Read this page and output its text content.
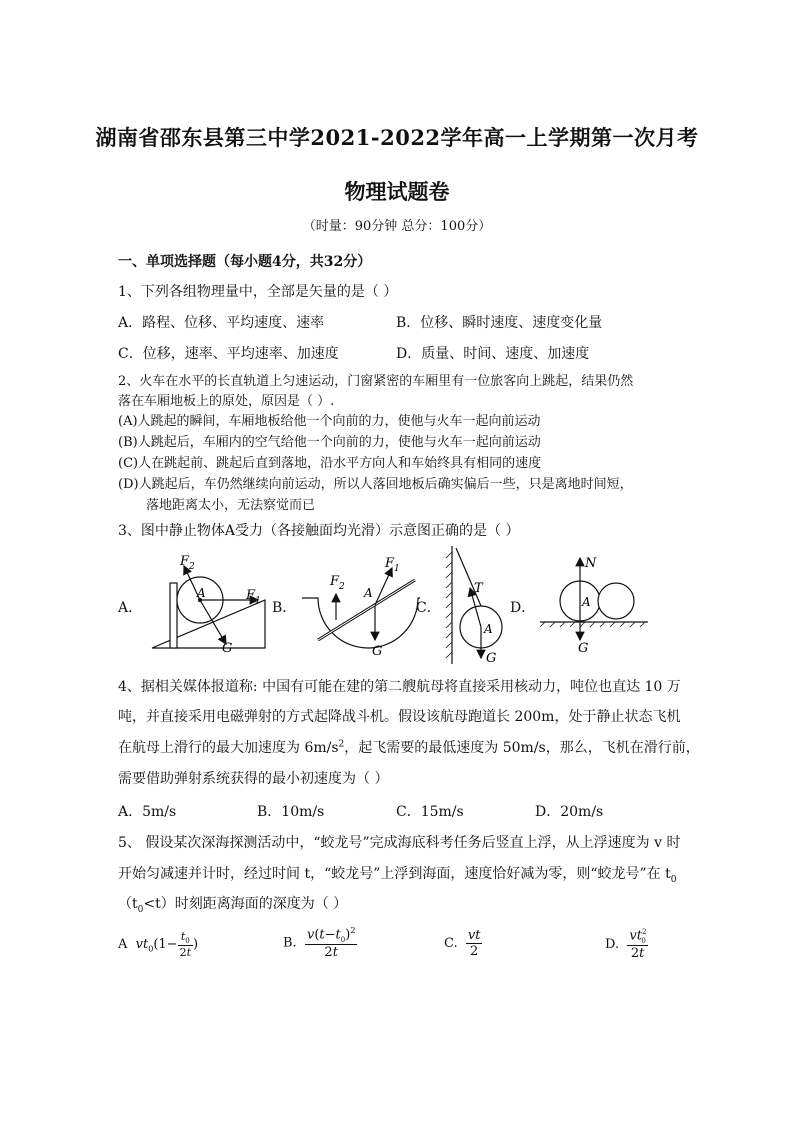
湖南省邵东县第三中学2021-2022学年高一上学期第一次月考
物理试题卷
（时量：90分钟 总分：100分）
一、单项选择题（每小题4分，共32分）
1、下列各组物理量中，全部是矢量的是（ ）
A．路程、位移、平均速度、速率	B．位移、瞬时速度、速度变化量
C．位移，速率、平均速率、加速度	D．质量、时间、速度、加速度
2、火车在水平的长直轨道上匀速运动，门窗紧密的车厢里有一位旅客向上跳起，结果仍然
落在车厢地板上的原处，原因是（ ）.
(A)人跳起的瞬间，车厢地板给他一个向前的力，使他与火车一起向前运动
(B)人跳起后，车厢内的空气给他一个向前的力，使他与火车一起向前运动
(C)人在跳起前、跳起后直到落地，沿水平方向人和车始终具有相同的速度
(D)人跳起后，车仍然继续向前运动，所以人落回地板后确实偏后一些，只是离地时间短，
落地距离太小，无法察觉而已
3、图中静止物体A受力（各接触面均光滑）示意图正确的是（ ）
A．	B．	C．	D．
F 2
F 1
A
G
F 2
F 1
A
G
T
A
G
N
A
G
4、据相关媒体报道称: 中国有可能在建的第二艘航母将直接采用核动力，吨位也直达 10 万
吨，并直接采用电磁弹射的方式起降战斗机。假设该航母跑道长 200m，处于静止状态飞机
在航母上滑行的最大加速度为 $6m/s^2$，起飞需要的最低速度为 50m/s，那么，飞机在滑行前，
需要借助弹射系统获得的最小初速度为（ ）
A．5m/s	B．10m/s	C．15m/s	D．20m/s
5、 假设某次深海探测活动中，“蛟龙号”完成海底科考任务后竖直上浮，从上浮速度为 v 时
开始匀减速并计时，经过时间 t，“蛟龙号”上浮到海面，速度恰好减为零，则“蛟龙号”在 $t_0$
$(t_0<t)$时刻距离海面的深度为（ ）
A $vt_0(1- \frac{t_0}{2t}$ )	B. $\frac{v(t-t_0)^2}{2t}$	C. $\frac{vt}{2}$	D. $\frac{vt^2_0}{2t}$
